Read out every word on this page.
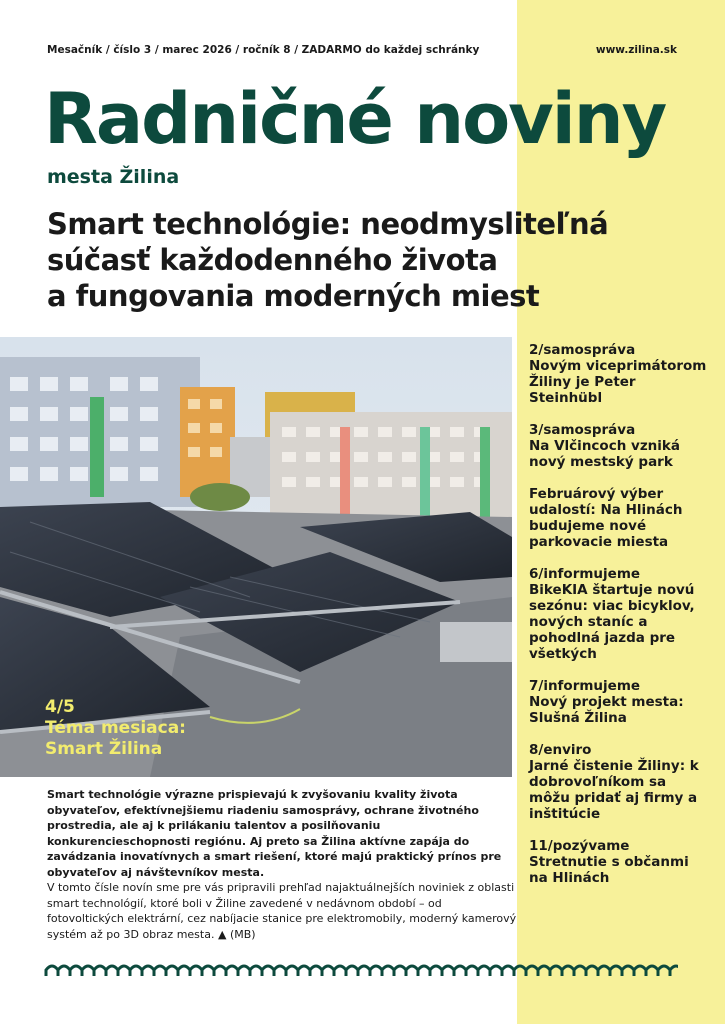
Mesačník / číslo 3 / marec 2026 / ročník 8 / ZADARMO do každej schránky	www.zilina.sk
Radničné noviny
mesta Žilina
Smart technológie: neodmysliteľná
súčasť každodenného života
a fungovania moderných miest
4/5
Téma mesiaca:
Smart Žilina
2/samospráva
Novým viceprimátorom Žiliny je Peter Steinhübl
3/samospráva
Na Vlčincoch vzniká nový mestský park
Februárový výber udalostí: Na Hlinách budujeme nové parkovacie miesta
6/informujeme
BikeKIA štartuje novú sezónu: viac bicyklov, nových staníc a pohodlná jazda pre všetkých
7/informujeme
Nový projekt mesta: Slušná Žilina
8/enviro
Jarné čistenie Žiliny: k dobrovoľníkom sa môžu pridať aj firmy a inštitúcie
11/pozývame
Stretnutie s občanmi na Hlinách
Smart technológie výrazne prispievajú k zvyšovaniu kvality života obyvateľov, efektívnejšiemu riadeniu samosprávy, ochrane životného prostredia, ale aj k prilákaniu talentov a posilňovaniu konkurencieschopnosti regiónu. Aj preto sa Žilina aktívne zapája do zavádzania inovatívnych a smart riešení, ktoré majú praktický prínos pre obyvateľov aj návštevníkov mesta.
V tomto čísle novín sme pre vás pripravili prehľad najaktuálnejších noviniek z oblasti smart technológií, ktoré boli v Žiline zavedené v nedávnom období – od fotovoltických elektrární, cez nabíjacie stanice pre elektromobily, moderný kamerový systém až po 3D obraz mesta. ▲ (MB)
